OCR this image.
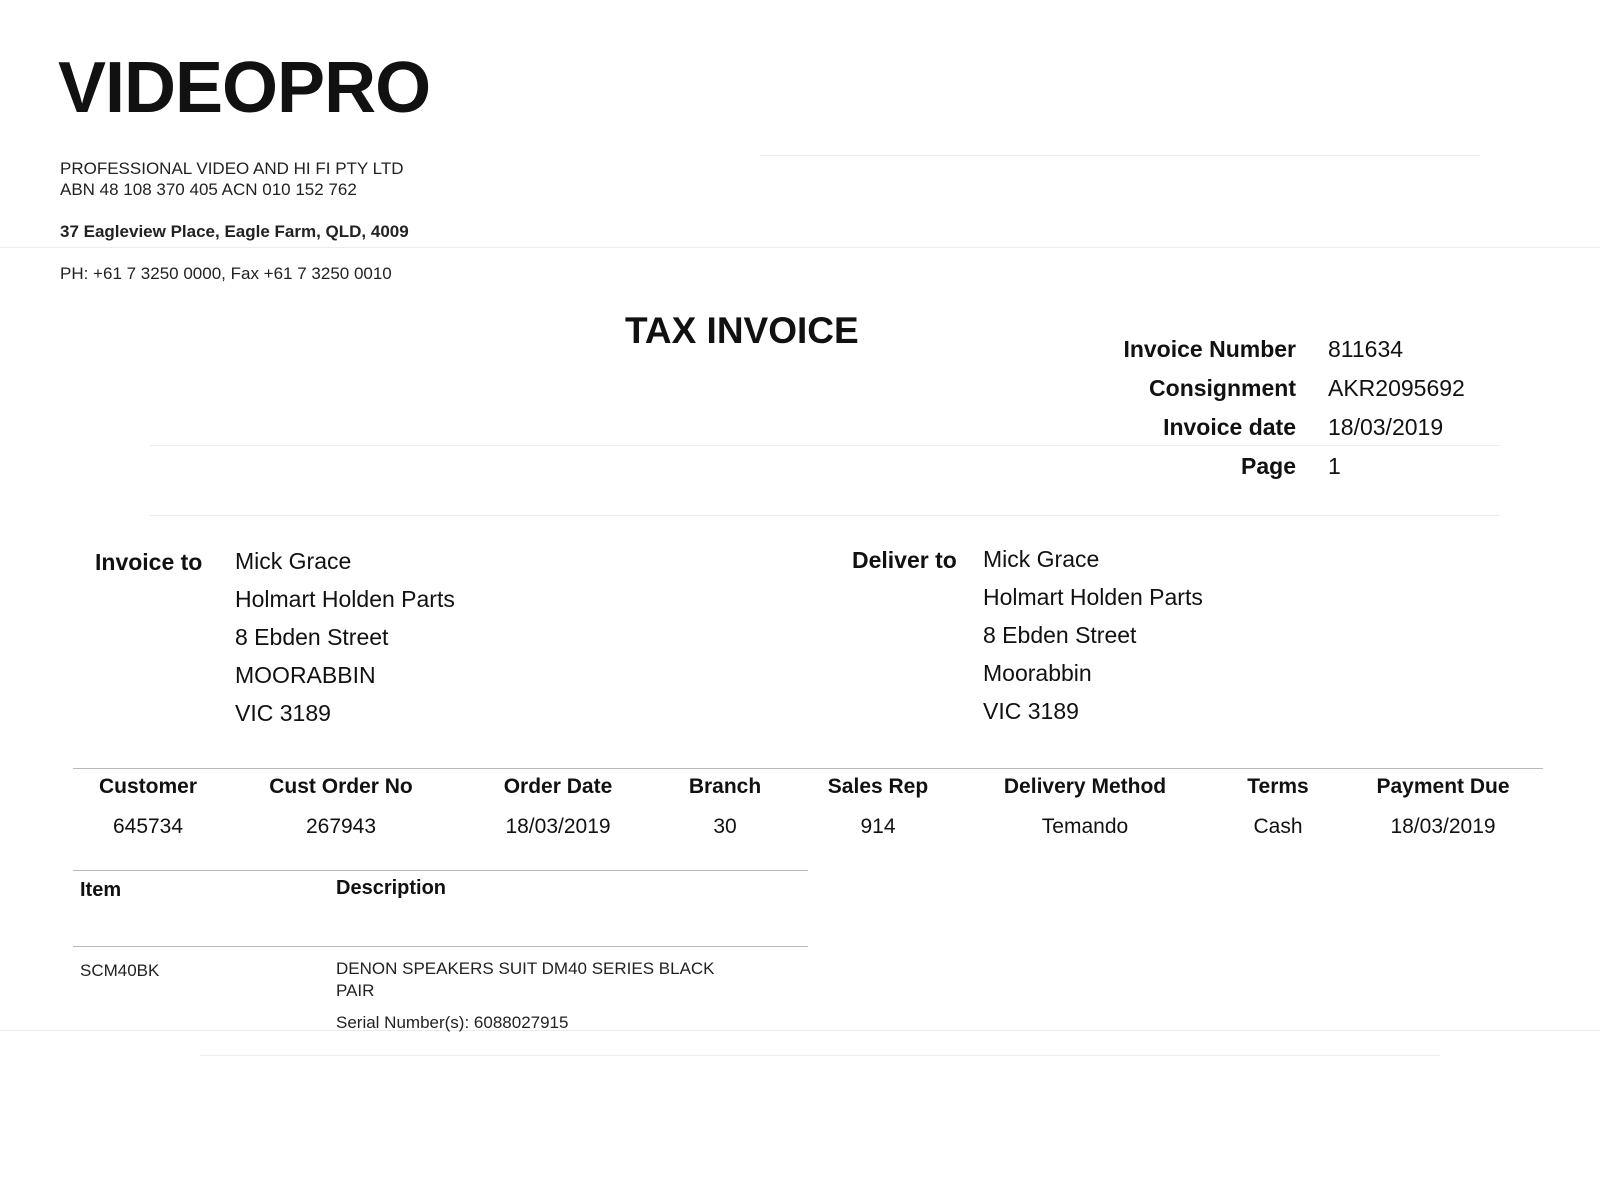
VIDEOPRO
PROFESSIONAL VIDEO AND HI FI PTY LTD
ABN 48 108 370 405 ACN 010 152 762
37 Eagleview Place, Eagle Farm, QLD, 4009
PH: +61 7 3250 0000, Fax +61 7 3250 0010
TAX INVOICE	Invoice Number 811634
Consignment AKR2095692
Invoice date 18/03/2019
Page 1
Invoice to Mick Grace
Holmart Holden Parts
8 Ebden Street
MOORABBIN
VIC 3189
Deliver to Mick Grace
Holmart Holden Parts
8 Ebden Street
Moorabbin
VIC 3189
Customer	Cust Order No	Order Date	Branch	Sales Rep	Delivery Method	Terms	Payment Due
645734	267943	18/03/2019	30	914	Temando	Cash	18/03/2019
Item	Description
SCM40BK	DENON SPEAKERS SUIT DM40 SERIES BLACK
PAIR
Serial Number(s): 6088027915
